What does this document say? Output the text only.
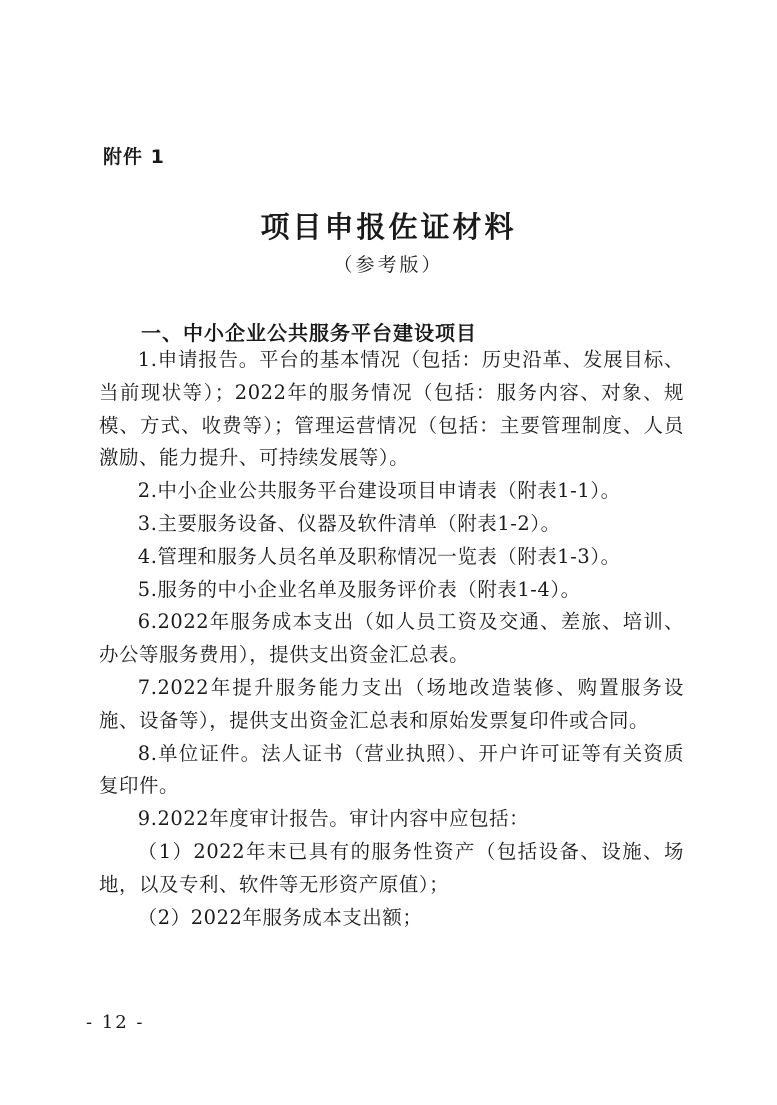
附件 1
项目申报佐证材料
（参考版）
一、中小企业公共服务平台建设项目

1.申请报告。平台的基本情况（包括：历史沿革、发展目标、当前现状等）；2022年的服务情况（包括：服务内容、对象、规模、方式、收费等）；管理运营情况（包括：主要管理制度、人员激励、能力提升、可持续发展等）。

2.中小企业公共服务平台建设项目申请表（附表1-1）。

3.主要服务设备、仪器及软件清单（附表1-2）。

4.管理和服务人员名单及职称情况一览表（附表1-3）。

5.服务的中小企业名单及服务评价表（附表1-4）。

6.2022年服务成本支出（如人员工资及交通、差旅、培训、办公等服务费用），提供支出资金汇总表。

7.2022年提升服务能力支出（场地改造装修、购置服务设施、设备等），提供支出资金汇总表和原始发票复印件或合同。

8.单位证件。法人证书（营业执照）、开户许可证等有关资质复印件。

9.2022年度审计报告。审计内容中应包括：

（1）2022年末已具有的服务性资产（包括设备、设施、场地，以及专利、软件等无形资产原值）；

（2）2022年服务成本支出额；

- 12 -
